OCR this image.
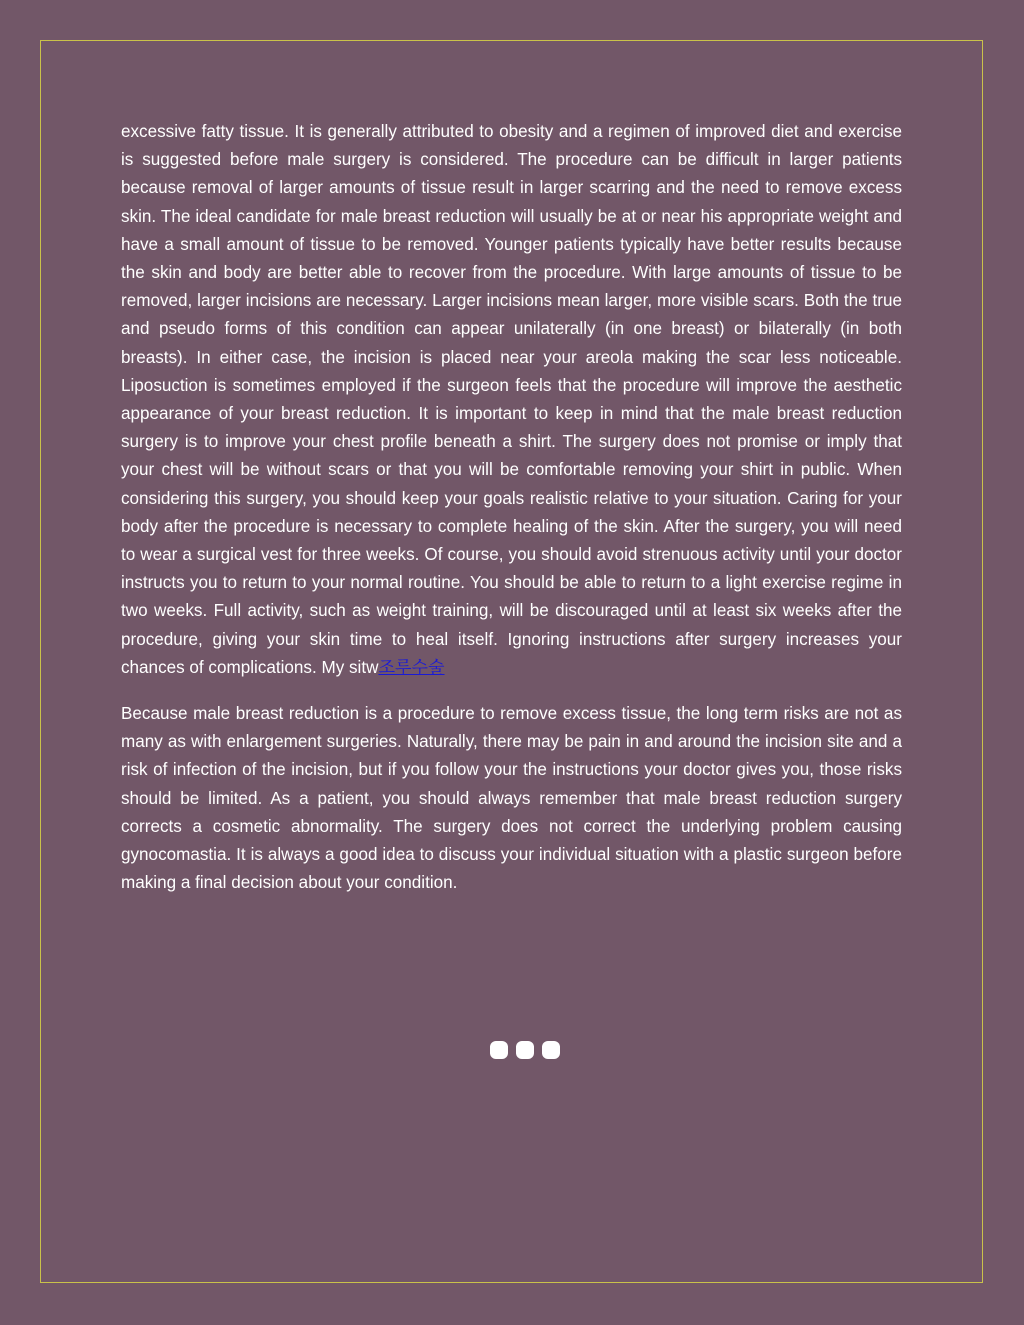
excessive fatty tissue. It is generally attributed to obesity and a regimen of improved diet and exercise is suggested before male surgery is considered. The procedure can be difficult in larger patients because removal of larger amounts of tissue result in larger scarring and the need to remove excess skin. The ideal candidate for male breast reduction will usually be at or near his appropriate weight and have a small amount of tissue to be removed. Younger patients typically have better results because the skin and body are better able to recover from the procedure. With large amounts of tissue to be removed, larger incisions are necessary. Larger incisions mean larger, more visible scars. Both the true and pseudo forms of this condition can appear unilaterally (in one breast) or bilaterally (in both breasts). In either case, the incision is placed near your areola making the scar less noticeable. Liposuction is sometimes employed if the surgeon feels that the procedure will improve the aesthetic appearance of your breast reduction. It is important to keep in mind that the male breast reduction surgery is to improve your chest profile beneath a shirt. The surgery does not promise or imply that your chest will be without scars or that you will be comfortable removing your shirt in public. When considering this surgery, you should keep your goals realistic relative to your situation. Caring for your body after the procedure is necessary to complete healing of the skin. After the surgery, you will need to wear a surgical vest for three weeks. Of course, you should avoid strenuous activity until your doctor instructs you to return to your normal routine. You should be able to return to a light exercise regime in two weeks. Full activity, such as weight training, will be discouraged until at least six weeks after the procedure, giving your skin time to heal itself. Ignoring instructions after surgery increases your chances of complications. My sitw조루수술

Because male breast reduction is a procedure to remove excess tissue, the long term risks are not as many as with enlargement surgeries. Naturally, there may be pain in and around the incision site and a risk of infection of the incision, but if you follow your the instructions your doctor gives you, those risks should be limited. As a patient, you should always remember that male breast reduction surgery corrects a cosmetic abnormality. The surgery does not correct the underlying problem causing gynocomastia. It is always a good idea to discuss your individual situation with a plastic surgeon before making a final decision about your condition.
